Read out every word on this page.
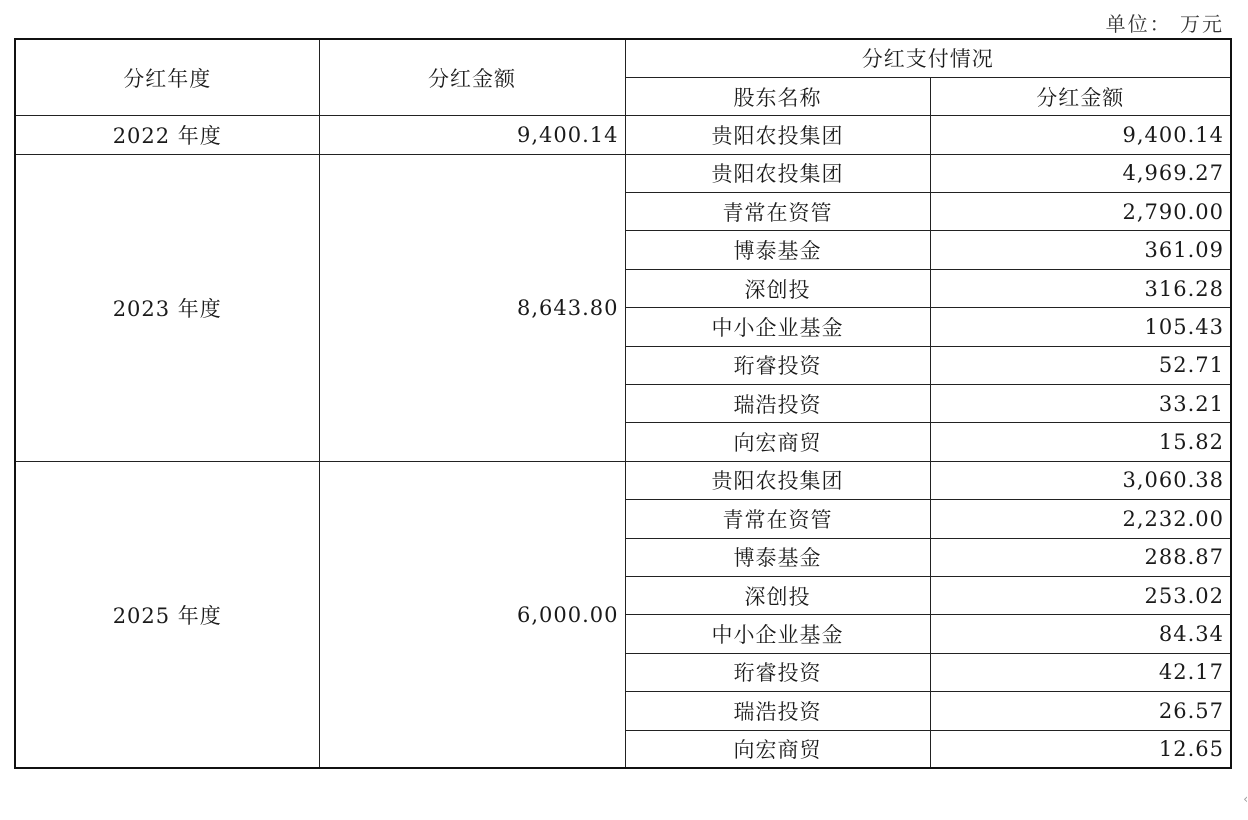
单位： 万元
分红年度	分红金额	分红支付情况	
		股东名称	分红金额
2022 年度	9,400.14	贵阳农投集团	9,400.14
2023 年度	8,643.80	贵阳农投集团	4,969.27
		青常在资管	2,790.00
		博泰基金	361.09
		深创投	316.28
		中小企业基金	105.43
		珩睿投资	52.71
		瑞浩投资	33.21
		向宏商贸	15.82
2025 年度	6,000.00	贵阳农投集团	3,060.38
		青常在资管	2,232.00
		博泰基金	288.87
		深创投	253.02
		中小企业基金	84.34
		珩睿投资	42.17
		瑞浩投资	26.57
		向宏商贸	12.65
‹
